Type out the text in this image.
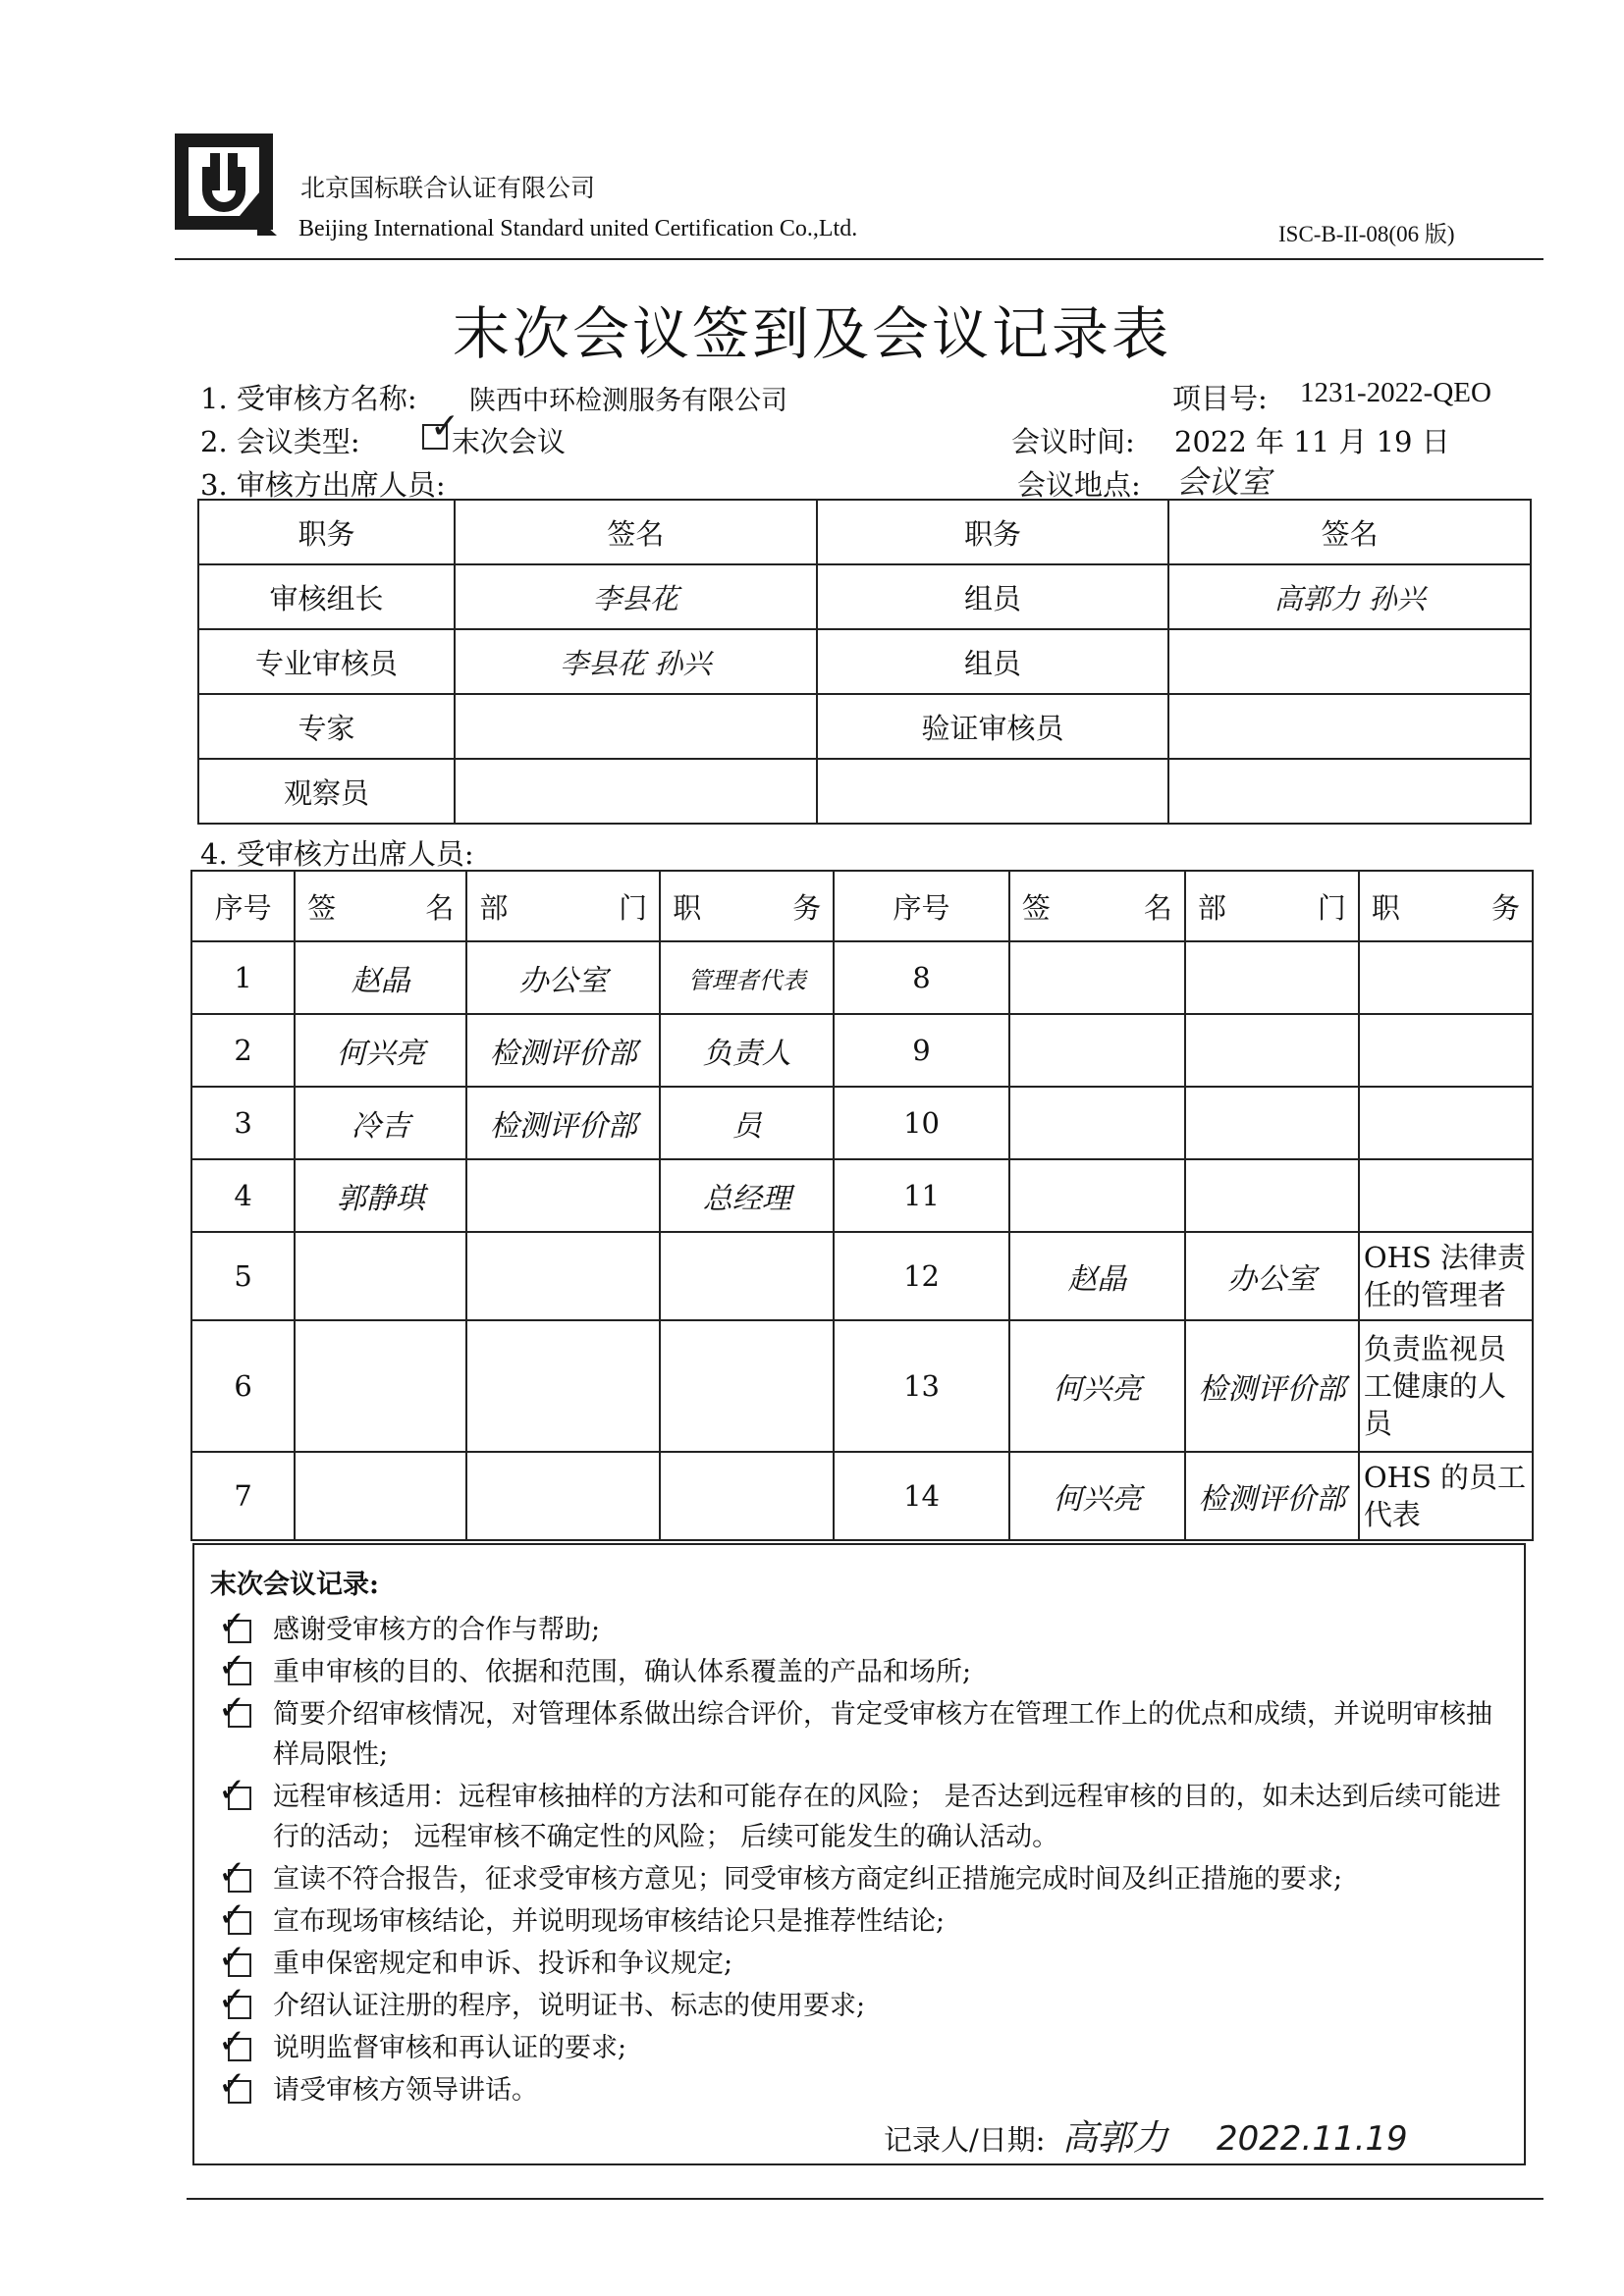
北京国标联合认证有限公司
Beijing International Standard united Certification Co.,Ltd.	ISC-B-II-08(06 版)
末次会议签到及会议记录表
1. 受审核方名称: 陕西中环检测服务有限公司	项目号: 1231-2022-QEO
2. 会议类型: ✓
末次会议	会议时间: 2022 年 11 月 19 日
3. 审核方出席人员:	会议地点: 会议室
职务	签名	职务	签名
审核组长	李县花	组员	高郭力 孙兴
专业审核员	李县花 孙兴	组员	
专家		验证审核员	
观察员			
4. 受审核方出席人员:
序号	签 名	部 门	职 务	序号	签 名	部 门	职 务

1	赵晶	办公室	管理者代表	8			
2	何兴亮	检测评价部	负责人	9			
3	冷吉	检测评价部	员	10			
4	郭静琪		总经理	11			
5				12	赵晶	办公室	OHS 法律责任的管理者
6				13	何兴亮	检测评价部	负责监视员工健康的人员
7				14	何兴亮	检测评价部	OHS 的员工代表
末次会议记录:
✓ 感谢受审核方的合作与帮助;
✓ 重申审核的目的、依据和范围，确认体系覆盖的产品和场所;
✓ 简要介绍审核情况，对管理体系做出综合评价，肯定受审核方在管理工作上的优点和成绩，并说明审核抽样局限性;
✓ 远程审核适用：远程审核抽样的方法和可能存在的风险； 是否达到远程审核的目的，如未达到后续可能进行的活动； 远程审核不确定性的风险； 后续可能发生的确认活动。
✓ 宣读不符合报告，征求受审核方意见；同受审核方商定纠正措施完成时间及纠正措施的要求;
✓ 宣布现场审核结论，并说明现场审核结论只是推荐性结论;
✓ 重申保密规定和申诉、投诉和争议规定;
✓ 介绍认证注册的程序，说明证书、标志的使用要求;
✓ 说明监督审核和再认证的要求;
✓ 请受审核方领导讲话。
记录人/日期: 高郭力 2022.11.19
